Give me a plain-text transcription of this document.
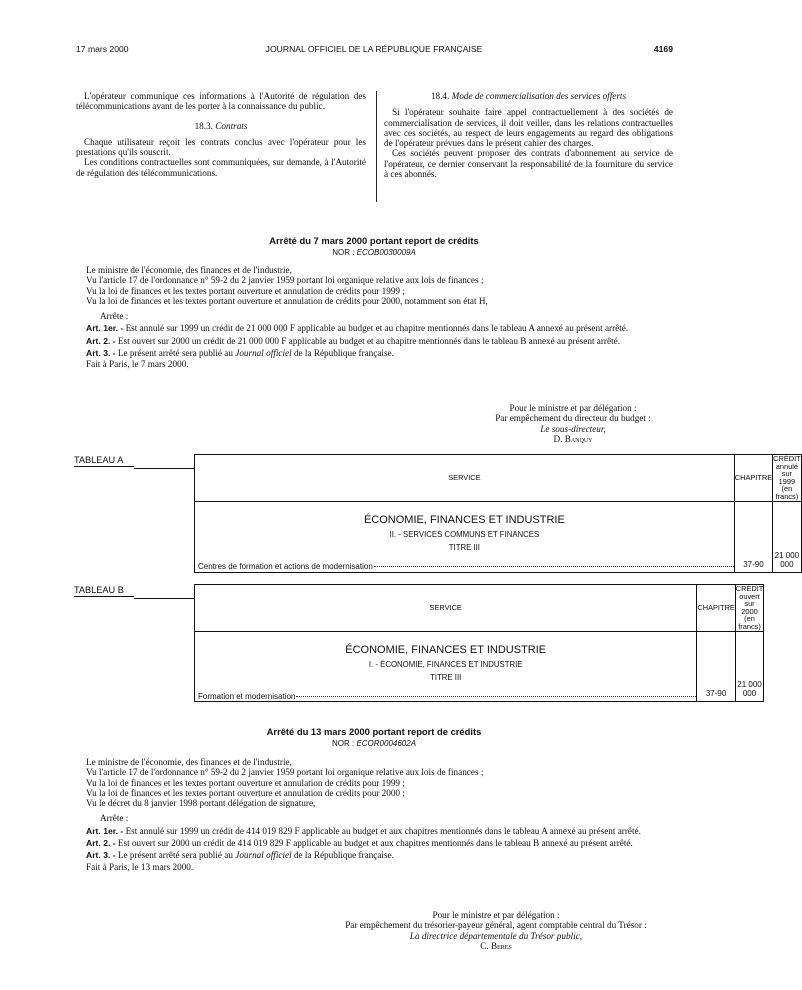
17 mars 2000	JOURNAL OFFICIEL DE LA RÉPUBLIQUE FRANÇAISE	4169

L'opérateur communique ces informations à l'Autorité de régulation des télécommunications avant de les porter à la connaissance du public.

18.3. Contrats

Chaque utilisateur reçoit les contrats conclus avec l'opérateur pour les prestations qu'ils souscrit.

Les conditions contractuelles sont communiquées, sur demande, à l'Autorité de régulation des télécommunications.

18.4. Mode de commercialisation des services offerts

Si l'opérateur souhaite faire appel contractuellement à des sociétés de commercialisation de services, il doit veiller, dans les relations contractuelles avec ces sociétés, au respect de leurs engagements au regard des obligations de l'opérateur prévues dans le présent cahier des charges.

Ces sociétés peuvent proposer des contrats d'abonnement au service de l'opérateur, ce dernier conservant la responsabilité de la fourniture du service à ces abonnés.

Arrêté du 7 mars 2000 portant report de crédits
NOR : ECOB0030009A

Le ministre de l'économie, des finances et de l'industrie,

Vu l'article 17 de l'ordonnance n° 59-2 du 2 janvier 1959 portant loi organique relative aux lois de finances ;

Vu la loi de finances et les textes portant ouverture et annulation de crédits pour 1999 ;

Vu la loi de finances et les textes portant ouverture et annulation de crédits pour 2000, notamment son état H,

Arrête :

Art. 1er. - Est annulé sur 1999 un crédit de 21 000 000 F applicable au budget et au chapitre mentionnés dans le tableau A annexé au présent arrêté.

Art. 2. - Est ouvert sur 2000 un crédit de 21 000 000 F applicable au budget et au chapitre mentionnés dans le tableau B annexé au présent arrêté.

Art. 3. - Le présent arrêté sera publié au Journal officiel de la République française.

Fait à Paris, le 7 mars 2000.

Pour le ministre et par délégation :

Par empêchement du directeur du budget :

Le sous-directeur,

D. Banquy

TABLEAU A
SERVICE	CHAPITRE	CRÉDIT
annulé
sur 1999
(en francs)

ÉCONOMIE, FINANCES ET INDUSTRIE
II. - SERVICES COMMUNS ET FINANCES
TITRE III
Centres de formation et actions de modernisation	37-90	21 000 000
TABLEAU B
SERVICE	CHAPITRE	CRÉDIT
ouvert
sur 2000
(en francs)

ÉCONOMIE, FINANCES ET INDUSTRIE
I. - ÉCONOMIE, FINANCES ET INDUSTRIE
TITRE III
Formation et modernisation	37-90	21 000 000
Arrêté du 13 mars 2000 portant report de crédits
NOR : ECOR0004602A

Le ministre de l'économie, des finances et de l'industrie,

Vu l'article 17 de l'ordonnance n° 59-2 du 2 janvier 1959 portant loi organique relative aux lois de finances ;

Vu la loi de finances et les textes portant ouverture et annulation de crédits pour 1999 ;

Vu la loi de finances et les textes portant ouverture et annulation de crédits pour 2000 ;

Vu le décret du 8 janvier 1998 portant délégation de signature,

Arrête :

Art. 1er. - Est annulé sur 1999 un crédit de 414 019 829 F applicable au budget et aux chapitres mentionnés dans le tableau A annexé au présent arrêté.

Art. 2. - Est ouvert sur 2000 un crédit de 414 019 829 F applicable au budget et aux chapitres mentionnés dans le tableau B annexé au présent arrêté.

Art. 3. - Le présent arrêté sera publié au Journal officiel de la République française.

Fait à Paris, le 13 mars 2000.

Pour le ministre et par délégation :

Par empêchement du trésorier-payeur général, agent comptable central du Trésor :

La directrice départementale du Trésor public,

C. Beres
